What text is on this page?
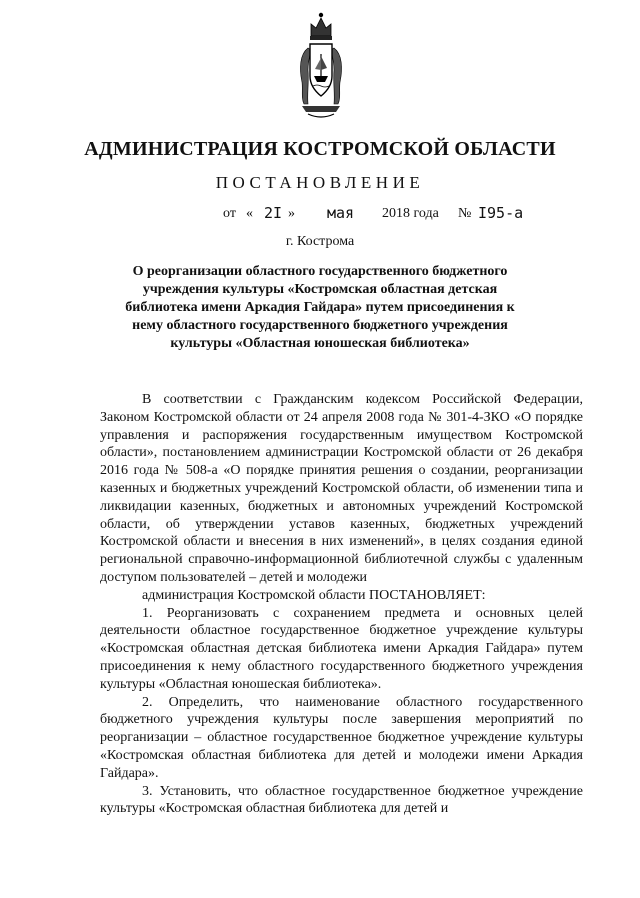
АДМИНИСТРАЦИЯ КОСТРОМСКОЙ ОБЛАСТИ
ПОСТАНОВЛЕНИЕ
от « 2I » мая 2018 года № I95-а
г. Кострома
О реорганизации областного государственного бюджетного учреждения культуры «Костромская областная детская библиотека имени Аркадия Гайдара» путем присоединения к нему областного государственного бюджетного учреждения культуры «Областная юношеская библиотека»

В соответствии с Гражданским кодексом Российской Федерации, Законом Костромской области от 24 апреля 2008 года № 301-4-ЗКО «О порядке управления и распоряжения государственным имуществом Костромской области», постановлением администрации Костромской области от 26 декабря 2016 года № 508-а «О порядке принятия решения о создании, реорганизации казенных и бюджетных учреждений Костромской области, об изменении типа и ликвидации казенных, бюджетных и автономных учреждений Костромской области, об утверждении уставов казенных, бюджетных учреждений Костромской области и внесения в них изменений», в целях создания единой региональной справочно-информационной библиотечной службы с удаленным доступом пользователей – детей и молодежи

администрация Костромской области ПОСТАНОВЛЯЕТ:

1. Реорганизовать с сохранением предмета и основных целей деятельности областное государственное бюджетное учреждение культуры «Костромская областная детская библиотека имени Аркадия Гайдара» путем присоединения к нему областного государственного бюджетного учреждения культуры «Областная юношеская библиотека».

2. Определить, что наименование областного государственного бюджетного учреждения культуры после завершения мероприятий по реорганизации – областное государственное бюджетное учреждение культуры «Костромская областная библиотека для детей и молодежи имени Аркадия Гайдара».

3. Установить, что областное государственное бюджетное учреждение культуры «Костромская областная библиотека для детей и
